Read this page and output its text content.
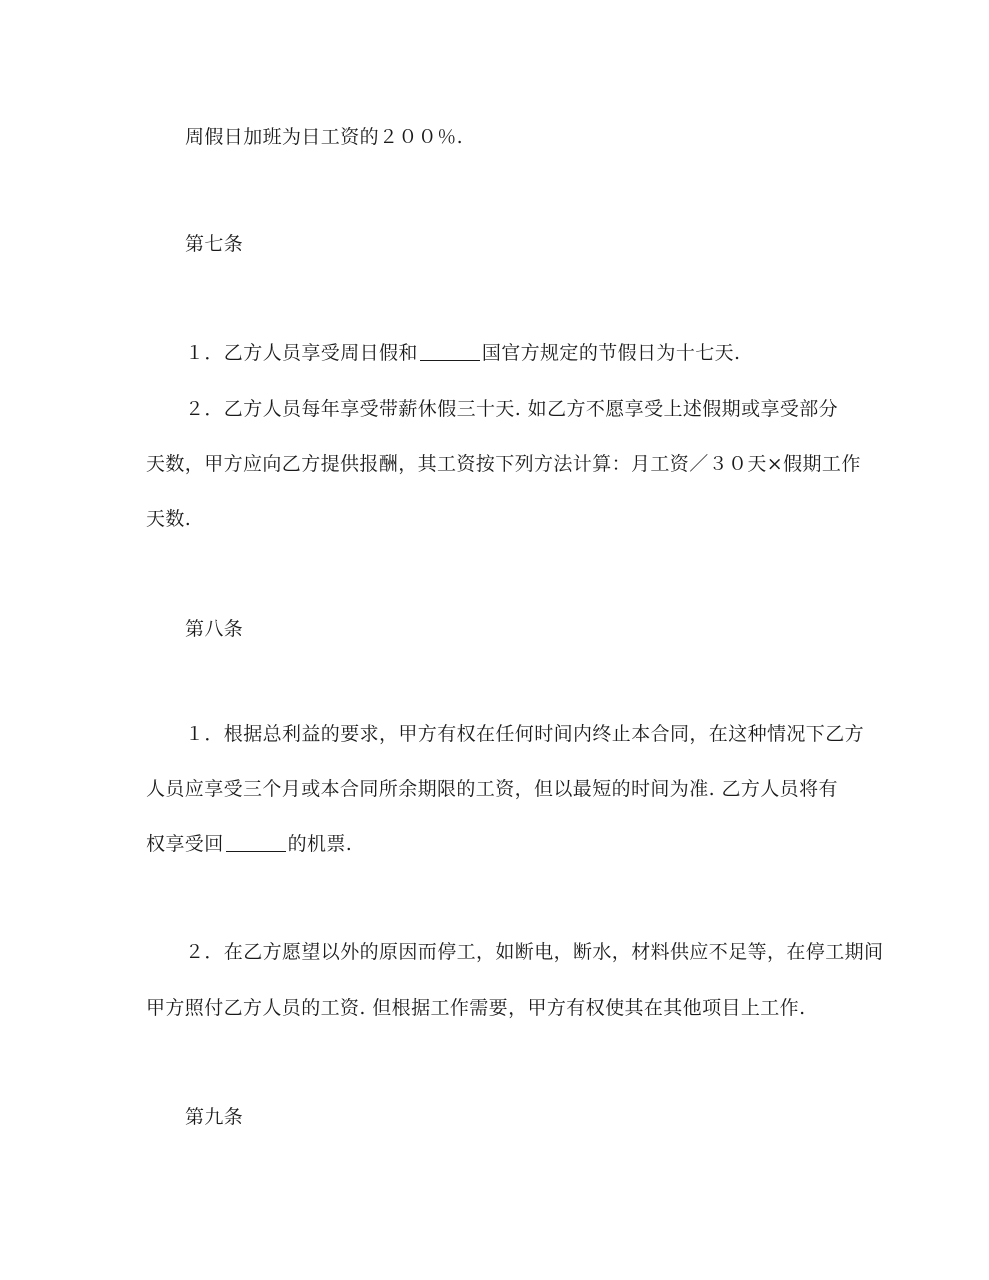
周假日加班为日工资的２００％.
第七条
１．乙方人员享受周日假和	国官方规定的节假日为十七天.
２．乙方人员每年享受带薪休假三十天. 如乙方不愿享受上述假期或享受部分
天数，甲方应向乙方提供报酬，其工资按下列方法计算：月工资／３０天×假期工作
天数.
第八条
１．根据总利益的要求，甲方有权在任何时间内终止本合同，在这种情况下乙方
人员应享受三个月或本合同所余期限的工资，但以最短的时间为准. 乙方人员将有
权享受回	的机票.
２．在乙方愿望以外的原因而停工，如断电，断水，材料供应不足等，在停工期间
甲方照付乙方人员的工资. 但根据工作需要，甲方有权使其在其他项目上工作.
第九条
